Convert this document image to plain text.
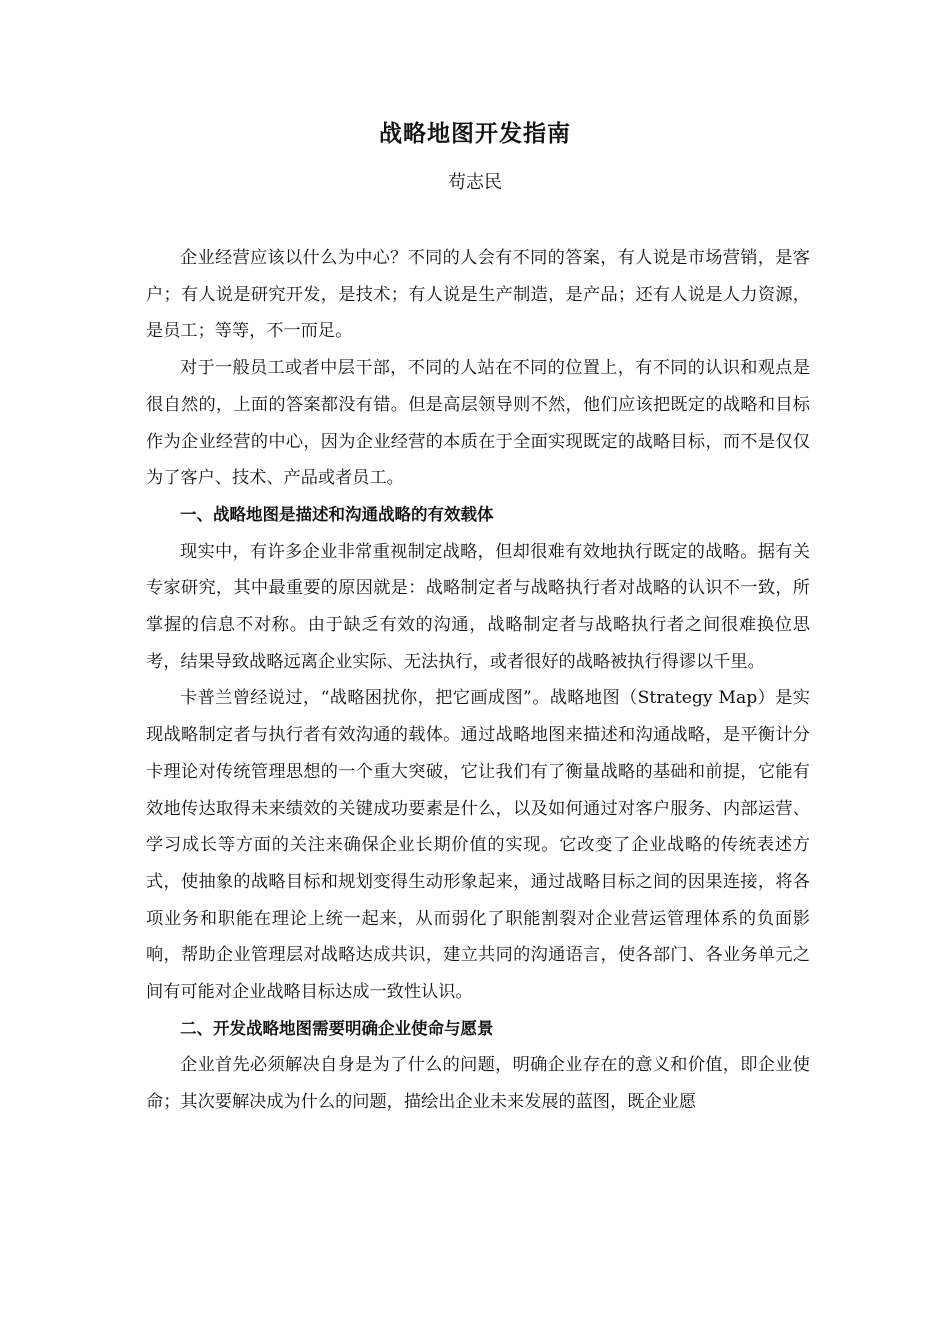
战略地图开发指南

苟志民

企业经营应该以什么为中心？不同的人会有不同的答案，有人说是市场营销，是客户；有人说是研究开发，是技术；有人说是生产制造，是产品；还有人说是人力资源，是员工；等等，不一而足。

对于一般员工或者中层干部，不同的人站在不同的位置上，有不同的认识和观点是很自然的，上面的答案都没有错。但是高层领导则不然，他们应该把既定的战略和目标作为企业经营的中心，因为企业经营的本质在于全面实现既定的战略目标，而不是仅仅为了客户、技术、产品或者员工。

一、战略地图是描述和沟通战略的有效载体

现实中，有许多企业非常重视制定战略，但却很难有效地执行既定的战略。据有关专家研究，其中最重要的原因就是：战略制定者与战略执行者对战略的认识不一致，所掌握的信息不对称。由于缺乏有效的沟通，战略制定者与战略执行者之间很难换位思考，结果导致战略远离企业实际、无法执行，或者很好的战略被执行得谬以千里。

卡普兰曾经说过，“战略困扰你，把它画成图”。战略地图（Strategy Map）是实现战略制定者与执行者有效沟通的载体。通过战略地图来描述和沟通战略，是平衡计分卡理论对传统管理思想的一个重大突破，它让我们有了衡量战略的基础和前提，它能有效地传达取得未来绩效的关键成功要素是什么，以及如何通过对客户服务、内部运营、学习成长等方面的关注来确保企业长期价值的实现。它改变了企业战略的传统表述方式，使抽象的战略目标和规划变得生动形象起来，通过战略目标之间的因果连接，将各项业务和职能在理论上统一起来，从而弱化了职能割裂对企业营运管理体系的负面影响，帮助企业管理层对战略达成共识，建立共同的沟通语言，使各部门、各业务单元之间有可能对企业战略目标达成一致性认识。

二、开发战略地图需要明确企业使命与愿景

企业首先必须解决自身是为了什么的问题，明确企业存在的意义和价值，即企业使命；其次要解决成为什么的问题，描绘出企业未来发展的蓝图，既企业愿
